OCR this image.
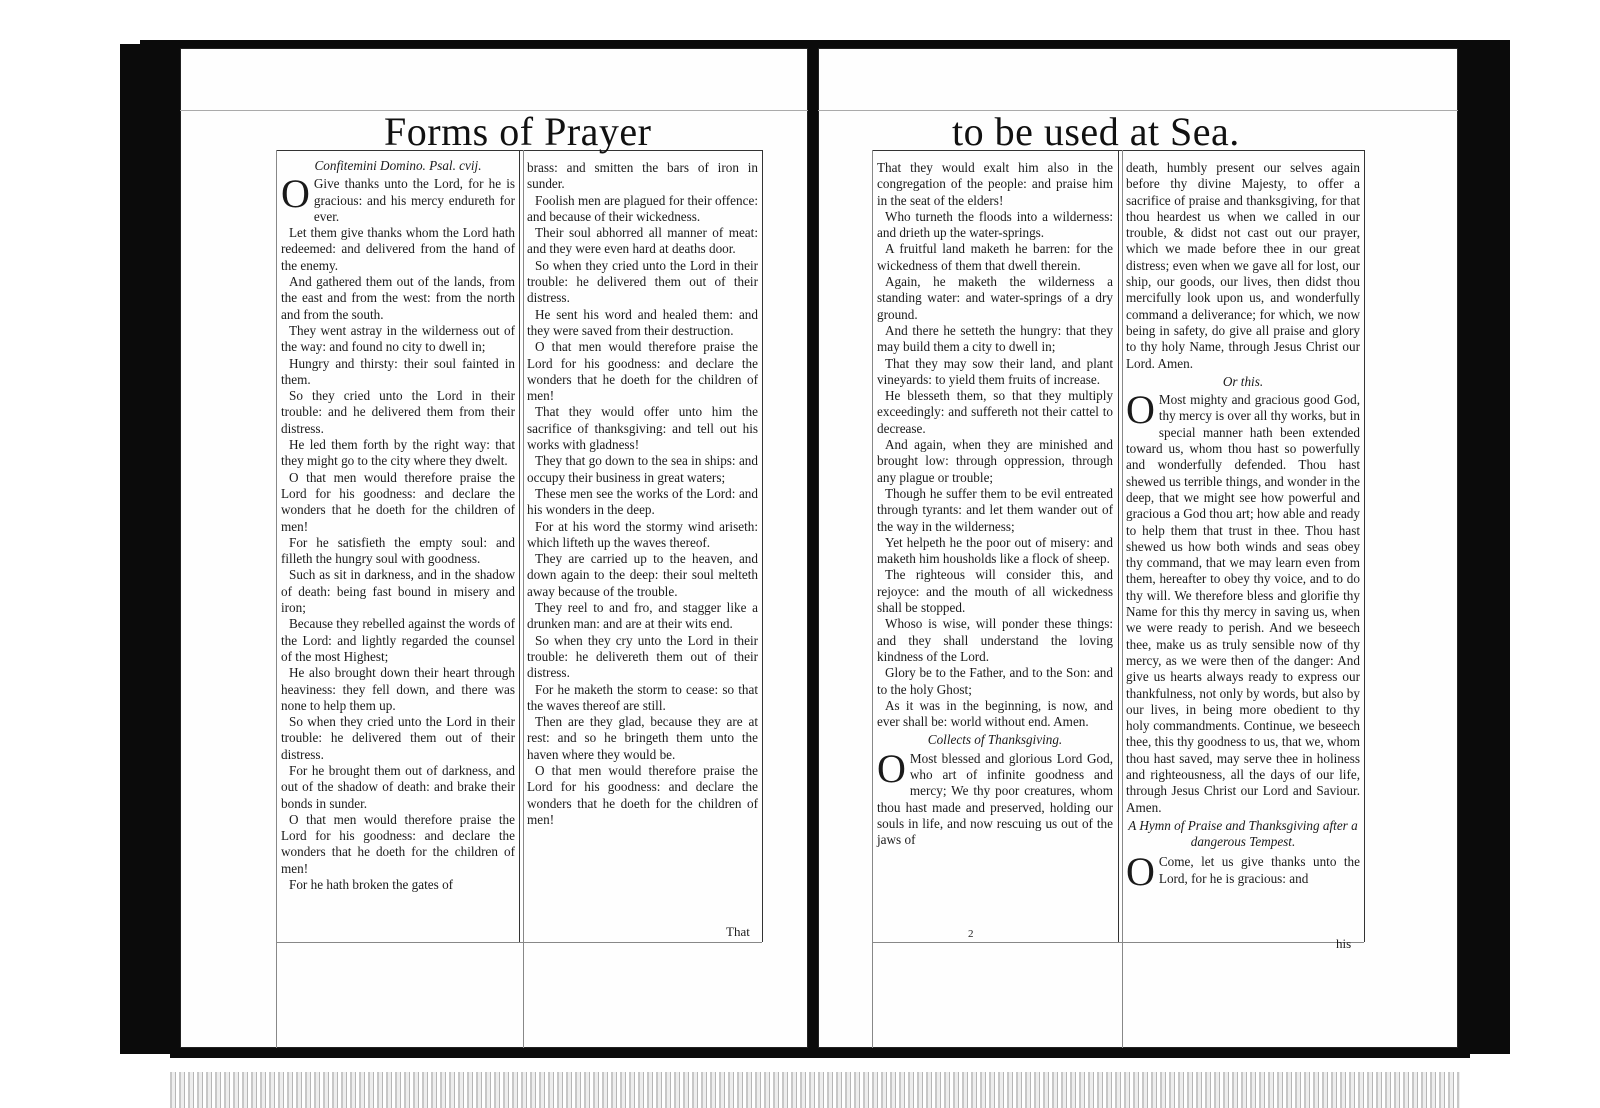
Forms of Prayer	to be used at Sea.

Confitemini Domino. Psal. cvij.

O Give thanks unto the Lord, for he is gracious: and his mercy endureth for ever.

Let them give thanks whom the Lord hath redeemed: and delivered from the hand of the enemy.

And gathered them out of the lands, from the east and from the west: from the north and from the south.

They went astray in the wilderness out of the way: and found no city to dwell in;

Hungry and thirsty: their soul fainted in them.

So they cried unto the Lord in their trouble: and he delivered them from their distress.

He led them forth by the right way: that they might go to the city where they dwelt.

O that men would therefore praise the Lord for his goodness: and declare the wonders that he doeth for the children of men!

For he satisfieth the empty soul: and filleth the hungry soul with goodness.

Such as sit in darkness, and in the shadow of death: being fast bound in misery and iron;

Because they rebelled against the words of the Lord: and lightly regarded the counsel of the most Highest;

He also brought down their heart through heaviness: they fell down, and there was none to help them up.

So when they cried unto the Lord in their trouble: he delivered them out of their distress.

For he brought them out of darkness, and out of the shadow of death: and brake their bonds in sunder.

O that men would therefore praise the Lord for his goodness: and declare the wonders that he doeth for the children of men!

For he hath broken the gates of

brass: and smitten the bars of iron in sunder.

Foolish men are plagued for their offence: and because of their wickedness.

Their soul abhorred all manner of meat: and they were even hard at deaths door.

So when they cried unto the Lord in their trouble: he delivered them out of their distress.

He sent his word and healed them: and they were saved from their destruction.

O that men would therefore praise the Lord for his goodness: and declare the wonders that he doeth for the children of men!

That they would offer unto him the sacrifice of thanksgiving: and tell out his works with gladness!

They that go down to the sea in ships: and occupy their business in great waters;

These men see the works of the Lord: and his wonders in the deep.

For at his word the stormy wind ariseth: which lifteth up the waves thereof.

They are carried up to the heaven, and down again to the deep: their soul melteth away because of the trouble.

They reel to and fro, and stagger like a drunken man: and are at their wits end.

So when they cry unto the Lord in their trouble: he delivereth them out of their distress.

For he maketh the storm to cease: so that the waves thereof are still.

Then are they glad, because they are at rest: and so he bringeth them unto the haven where they would be.

O that men would therefore praise the Lord for his goodness: and declare the wonders that he doeth for the children of men!

That

That they would exalt him also in the congregation of the people: and praise him in the seat of the elders!

Who turneth the floods into a wilderness: and drieth up the water-springs.

A fruitful land maketh he barren: for the wickedness of them that dwell therein.

Again, he maketh the wilderness a standing water: and water-springs of a dry ground.

And there he setteth the hungry: that they may build them a city to dwell in;

That they may sow their land, and plant vineyards: to yield them fruits of increase.

He blesseth them, so that they multiply exceedingly: and suffereth not their cattel to decrease.

And again, when they are minished and brought low: through oppression, through any plague or trouble;

Though he suffer them to be evil entreated through tyrants: and let them wander out of the way in the wilderness;

Yet helpeth he the poor out of misery: and maketh him housholds like a flock of sheep.

The righteous will consider this, and rejoyce: and the mouth of all wickedness shall be stopped.

Whoso is wise, will ponder these things: and they shall understand the loving kindness of the Lord.

Glory be to the Father, and to the Son: and to the holy Ghost;

As it was in the beginning, is now, and ever shall be: world without end. Amen.

Collects of Thanksgiving.

O Most blessed and glorious Lord God, who art of infinite goodness and mercy; We thy poor creatures, whom thou hast made and preserved, holding our souls in life, and now rescuing us out of the jaws of

2

death, humbly present our selves again before thy divine Majesty, to offer a sacrifice of praise and thanksgiving, for that thou heardest us when we called in our trouble, & didst not cast out our prayer, which we made before thee in our great distress; even when we gave all for lost, our ship, our goods, our lives, then didst thou mercifully look upon us, and wonderfully command a deliverance; for which, we now being in safety, do give all praise and glory to thy holy Name, through Jesus Christ our Lord. Amen.

Or this.

O Most mighty and gracious good God, thy mercy is over all thy works, but in special manner hath been extended toward us, whom thou hast so powerfully and wonderfully defended. Thou hast shewed us terrible things, and wonder in the deep, that we might see how powerful and gracious a God thou art; how able and ready to help them that trust in thee. Thou hast shewed us how both winds and seas obey thy command, that we may learn even from them, hereafter to obey thy voice, and to do thy will. We therefore bless and glorifie thy Name for this thy mercy in saving us, when we were ready to perish. And we beseech thee, make us as truly sensible now of thy mercy, as we were then of the danger: And give us hearts always ready to express our thankfulness, not only by words, but also by our lives, in being more obedient to thy holy commandments. Continue, we beseech thee, this thy goodness to us, that we, whom thou hast saved, may serve thee in holiness and righteousness, all the days of our life, through Jesus Christ our Lord and Saviour. Amen.

A Hymn of Praise and Thanksgiving after a dangerous Tempest.

O Come, let us give thanks unto the Lord, for he is gracious: and

his
